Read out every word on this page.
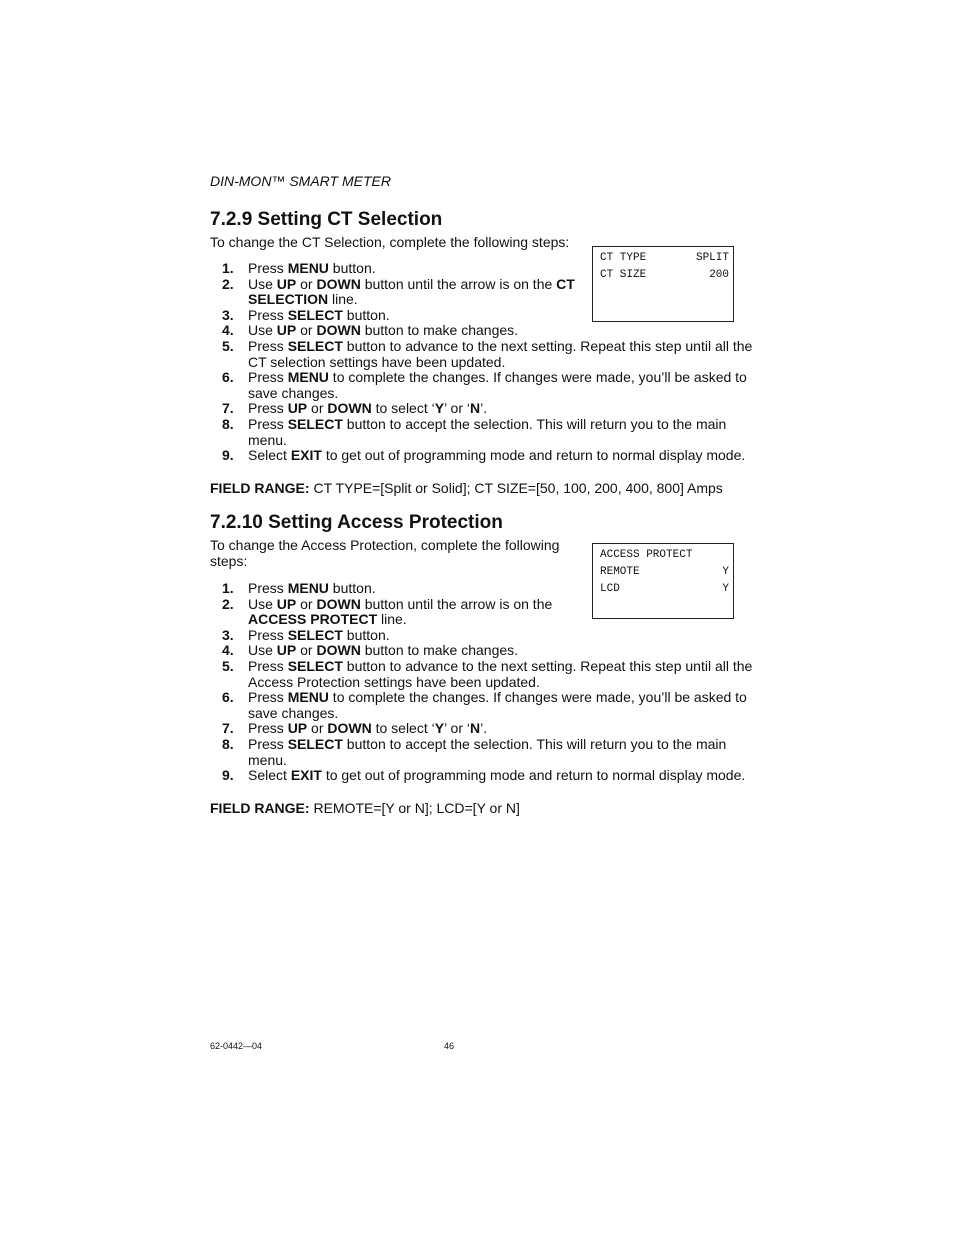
DIN-MON™ SMART METER
7.2.9 Setting CT Selection

To change the CT Selection, complete the following steps:

1. Press MENU button.
2. Use UP or DOWN button until the arrow is on the CT SELECTION line.
3. Press SELECT button.
4. Use UP or DOWN button to make changes.
5. Press SELECT button to advance to the next setting. Repeat this step until all the CT selection settings have been updated.
6. Press MENU to complete the changes. If changes were made, you’ll be asked to save changes.
7. Press UP or DOWN to select ‘Y’ or ‘N’.
8. Press SELECT button to accept the selection. This will return you to the main menu.
9. Select EXIT to get out of programming mode and return to normal display mode.
FIELD RANGE: CT TYPE=[Split or Solid]; CT SIZE=[50, 100, 200, 400, 800] Amps
CT TYPE	SPLIT
CT SIZE	200
7.2.10 Setting Access Protection

To change the Access Protection, complete the following steps:

1. Press MENU button.
2. Use UP or DOWN button until the arrow is on the ACCESS PROTECT line.
3. Press SELECT button.
4. Use UP or DOWN button to make changes.
5. Press SELECT button to advance to the next setting. Repeat this step until all the Access Protection settings have been updated.
6. Press MENU to complete the changes. If changes were made, you’ll be asked to save changes.
7. Press UP or DOWN to select ‘Y’ or ‘N’.
8. Press SELECT button to accept the selection. This will return you to the main menu.
9. Select EXIT to get out of programming mode and return to normal display mode.
FIELD RANGE: REMOTE=[Y or N]; LCD=[Y or N]
ACCESS PROTECT
REMOTE	Y
LCD	Y
62-0442—04	46
